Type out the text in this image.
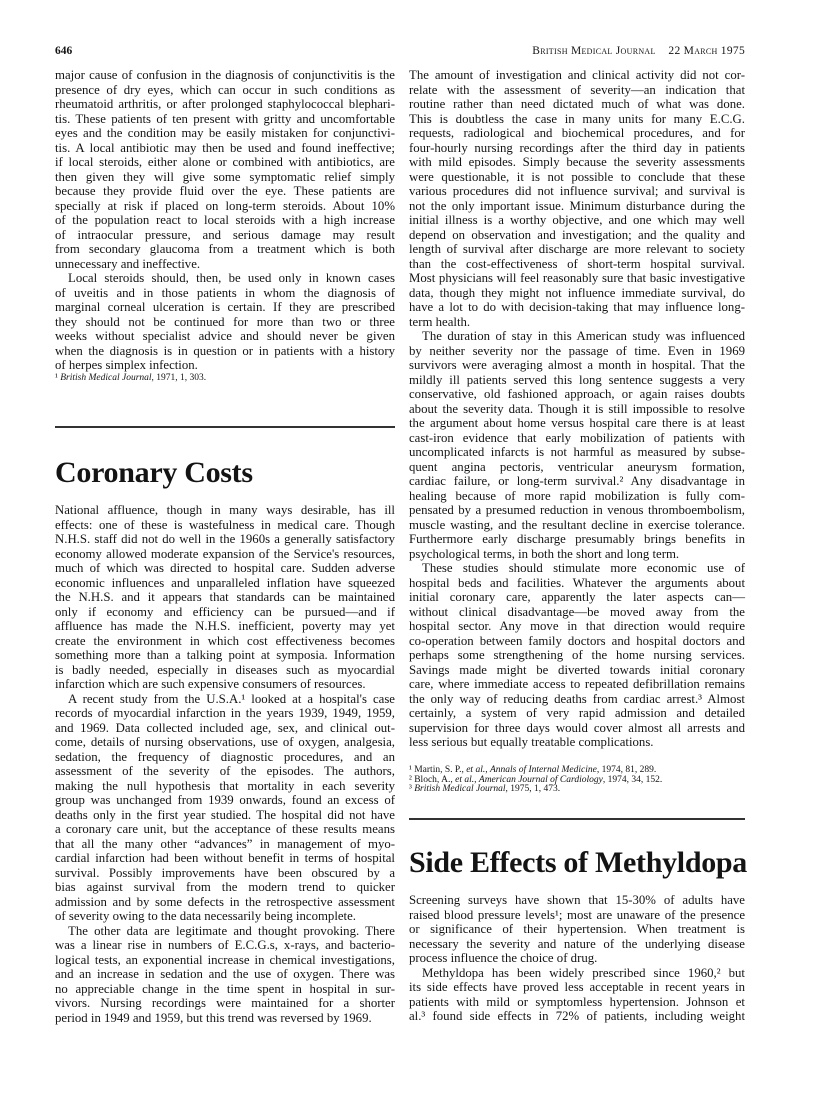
646	British Medical Journal 22 March 1975
major cause of confusion in the diagnosis of conjunctivitis is the
presence of dry eyes, which can occur in such conditions as
rheumatoid arthritis, or after prolonged staphylococcal blephari-
tis. These patients of ten present with gritty and uncomfortable
eyes and the condition may be easily mistaken for conjunctivi-
tis. A local antibiotic may then be used and found ineffective;
if local steroids, either alone or combined with antibiotics, are
then given they will give some symptomatic relief simply
because they provide fluid over the eye. These patients are
specially at risk if placed on long-term steroids. About 10%
of the population react to local steroids with a high increase
of intraocular pressure, and serious damage may result
from secondary glaucoma from a treatment which is both
unnecessary and ineffective.
Local steroids should, then, be used only in known cases
of uveitis and in those patients in whom the diagnosis of
marginal corneal ulceration is certain. If they are prescribed
they should not be continued for more than two or three
weeks without specialist advice and should never be given
when the diagnosis is in question or in patients with a history
of herpes simplex infection.
¹ British Medical Journal, 1971, 1, 303.
Coronary Costs
National affluence, though in many ways desirable, has ill
effects: one of these is wastefulness in medical care. Though
N.H.S. staff did not do well in the 1960s a generally satisfactory
economy allowed moderate expansion of the Service's resources,
much of which was directed to hospital care. Sudden adverse
economic influences and unparalleled inflation have squeezed
the N.H.S. and it appears that standards can be maintained
only if economy and efficiency can be pursued—and if
affluence has made the N.H.S. inefficient, poverty may yet
create the environment in which cost effectiveness becomes
something more than a talking point at symposia. Information
is badly needed, especially in diseases such as myocardial
infarction which are such expensive consumers of resources.
A recent study from the U.S.A.¹ looked at a hospital's case
records of myocardial infarction in the years 1939, 1949, 1959,
and 1969. Data collected included age, sex, and clinical out-
come, details of nursing observations, use of oxygen, analgesia,
sedation, the frequency of diagnostic procedures, and an
assessment of the severity of the episodes. The authors,
making the null hypothesis that mortality in each severity
group was unchanged from 1939 onwards, found an excess of
deaths only in the first year studied. The hospital did not have
a coronary care unit, but the acceptance of these results means
that all the many other “advances” in management of myo-
cardial infarction had been without benefit in terms of hospital
survival. Possibly improvements have been obscured by a
bias against survival from the modern trend to quicker
admission and by some defects in the retrospective assessment
of severity owing to the data necessarily being incomplete.
The other data are legitimate and thought provoking. There
was a linear rise in numbers of E.C.G.s, x-rays, and bacterio-
logical tests, an exponential increase in chemical investigations,
and an increase in sedation and the use of oxygen. There was
no appreciable change in the time spent in hospital in sur-
vivors. Nursing recordings were maintained for a shorter
period in 1949 and 1959, but this trend was reversed by 1969.
The amount of investigation and clinical activity did not cor-
relate with the assessment of severity—an indication that
routine rather than need dictated much of what was done.
This is doubtless the case in many units for many E.C.G.
requests, radiological and biochemical procedures, and for
four-hourly nursing recordings after the third day in patients
with mild episodes. Simply because the severity assessments
were questionable, it is not possible to conclude that these
various procedures did not influence survival; and survival is
not the only important issue. Minimum disturbance during the
initial illness is a worthy objective, and one which may well
depend on observation and investigation; and the quality and
length of survival after discharge are more relevant to society
than the cost-effectiveness of short-term hospital survival.
Most physicians will feel reasonably sure that basic investigative
data, though they might not influence immediate survival, do
have a lot to do with decision-taking that may influence long-
term health.
The duration of stay in this American study was influenced
by neither severity nor the passage of time. Even in 1969
survivors were averaging almost a month in hospital. That the
mildly ill patients served this long sentence suggests a very
conservative, old fashioned approach, or again raises doubts
about the severity data. Though it is still impossible to resolve
the argument about home versus hospital care there is at least
cast-iron evidence that early mobilization of patients with
uncomplicated infarcts is not harmful as measured by subse-
quent angina pectoris, ventricular aneurysm formation,
cardiac failure, or long-term survival.² Any disadvantage in
healing because of more rapid mobilization is fully com-
pensated by a presumed reduction in venous thromboembolism,
muscle wasting, and the resultant decline in exercise tolerance.
Furthermore early discharge presumably brings benefits in
psychological terms, in both the short and long term.
These studies should stimulate more economic use of
hospital beds and facilities. Whatever the arguments about
initial coronary care, apparently the later aspects can—
without clinical disadvantage—be moved away from the
hospital sector. Any move in that direction would require
co-operation between family doctors and hospital doctors and
perhaps some strengthening of the home nursing services.
Savings made might be diverted towards initial coronary
care, where immediate access to repeated defibrillation remains
the only way of reducing deaths from cardiac arrest.³ Almost
certainly, a system of very rapid admission and detailed
supervision for three days would cover almost all arrests and
less serious but equally treatable complications.
¹ Martin, S. P., et al., Annals of Internal Medicine, 1974, 81, 289.
² Bloch, A., et al., American Journal of Cardiology, 1974, 34, 152.
³ British Medical Journal, 1975, 1, 473.
Side Effects of Methyldopa
Screening surveys have shown that 15-30% of adults have
raised blood pressure levels¹; most are unaware of the presence
or significance of their hypertension. When treatment is
necessary the severity and nature of the underlying disease
process influence the choice of drug.
Methyldopa has been widely prescribed since 1960,² but
its side effects have proved less acceptable in recent years in
patients with mild or symptomless hypertension. Johnson et
al.³ found side effects in 72% of patients, including weight
